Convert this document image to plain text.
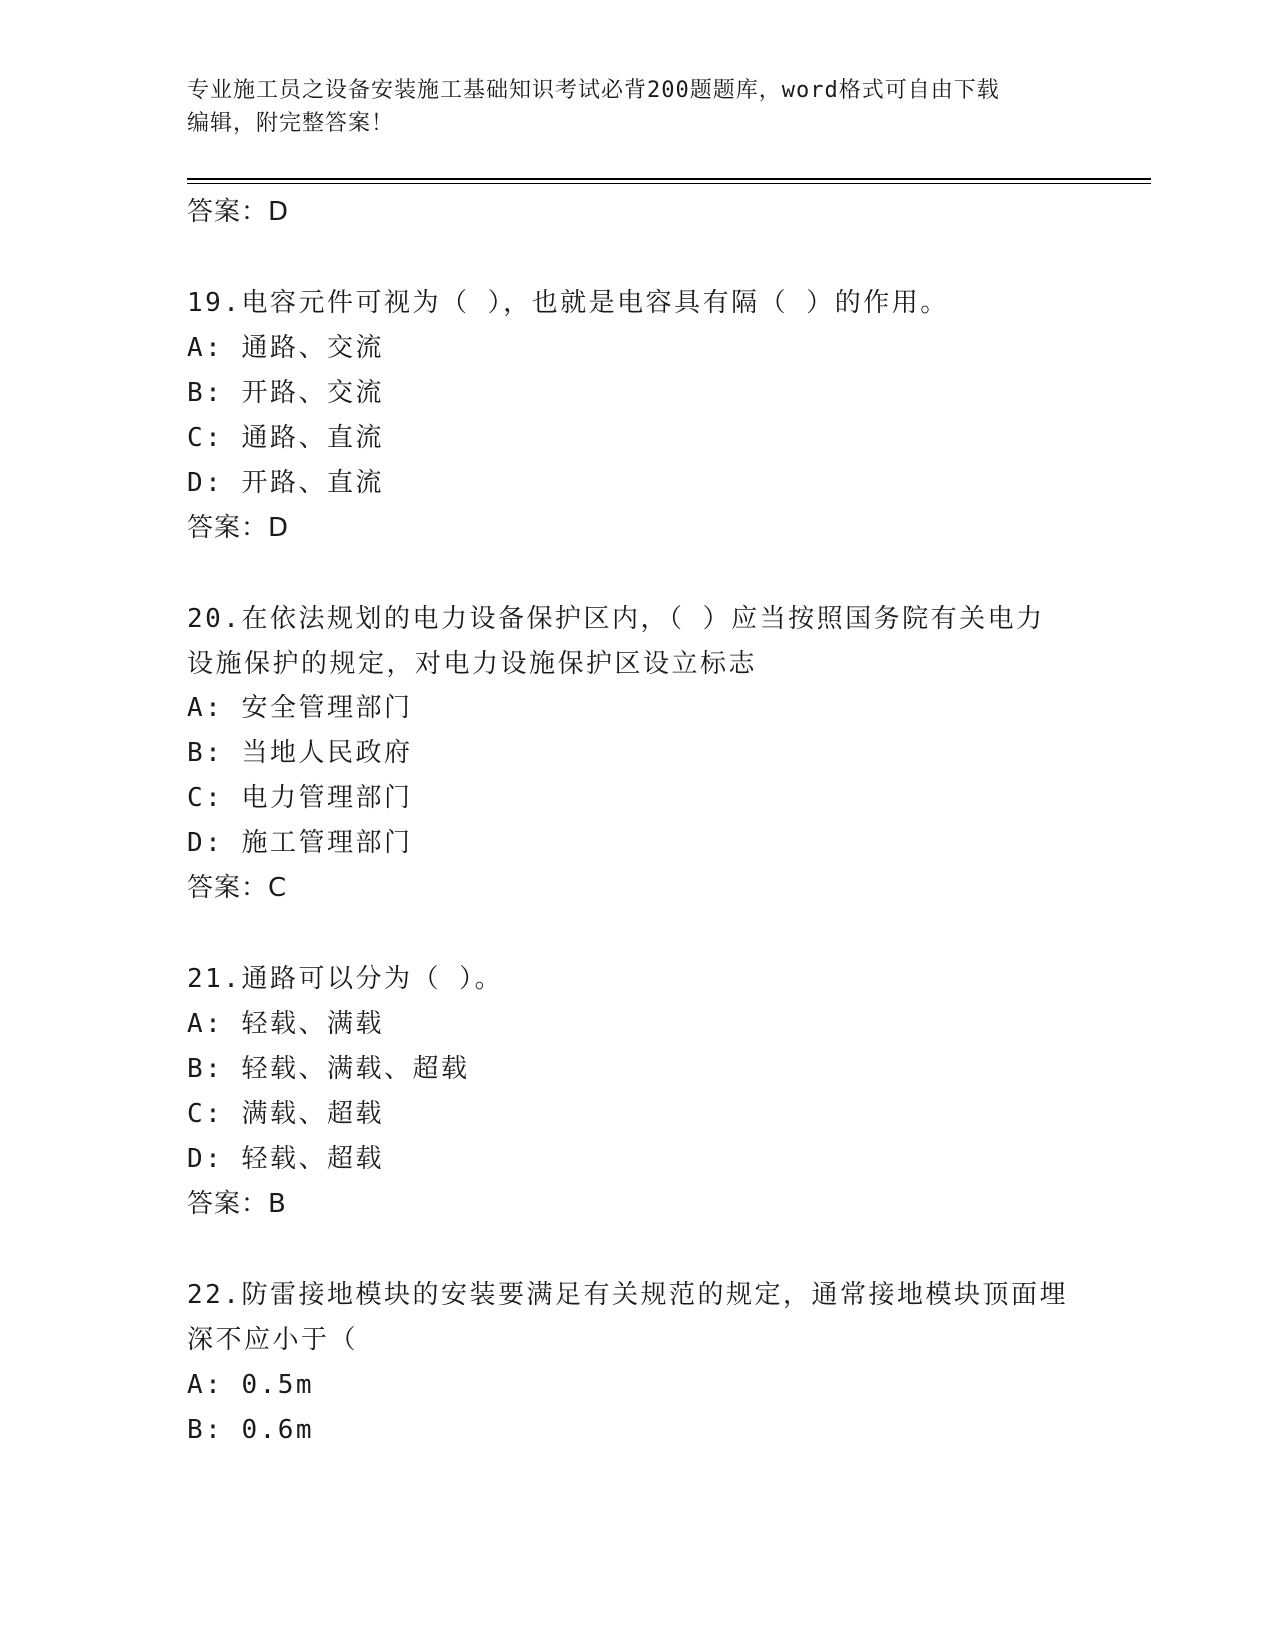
专业施工员之设备安装施工基础知识考试必背200题题库，word格式可自由下载
编辑，附完整答案！
答案：D
19.电容元件可视为（ ），也就是电容具有隔（ ）的作用。
A: 通路、交流
B: 开路、交流
C: 通路、直流
D: 开路、直流
答案：D
20.在依法规划的电力设备保护区内，（ ）应当按照国务院有关电力
设施保护的规定，对电力设施保护区设立标志
A: 安全管理部门
B: 当地人民政府
C: 电力管理部门
D: 施工管理部门
答案：C
21.通路可以分为（ ）。
A: 轻载、满载
B: 轻载、满载、超载
C: 满载、超载
D: 轻载、超载
答案：B
22.防雷接地模块的安装要满足有关规范的规定，通常接地模块顶面埋
深不应小于（
A: 0.5m
B: 0.6m
